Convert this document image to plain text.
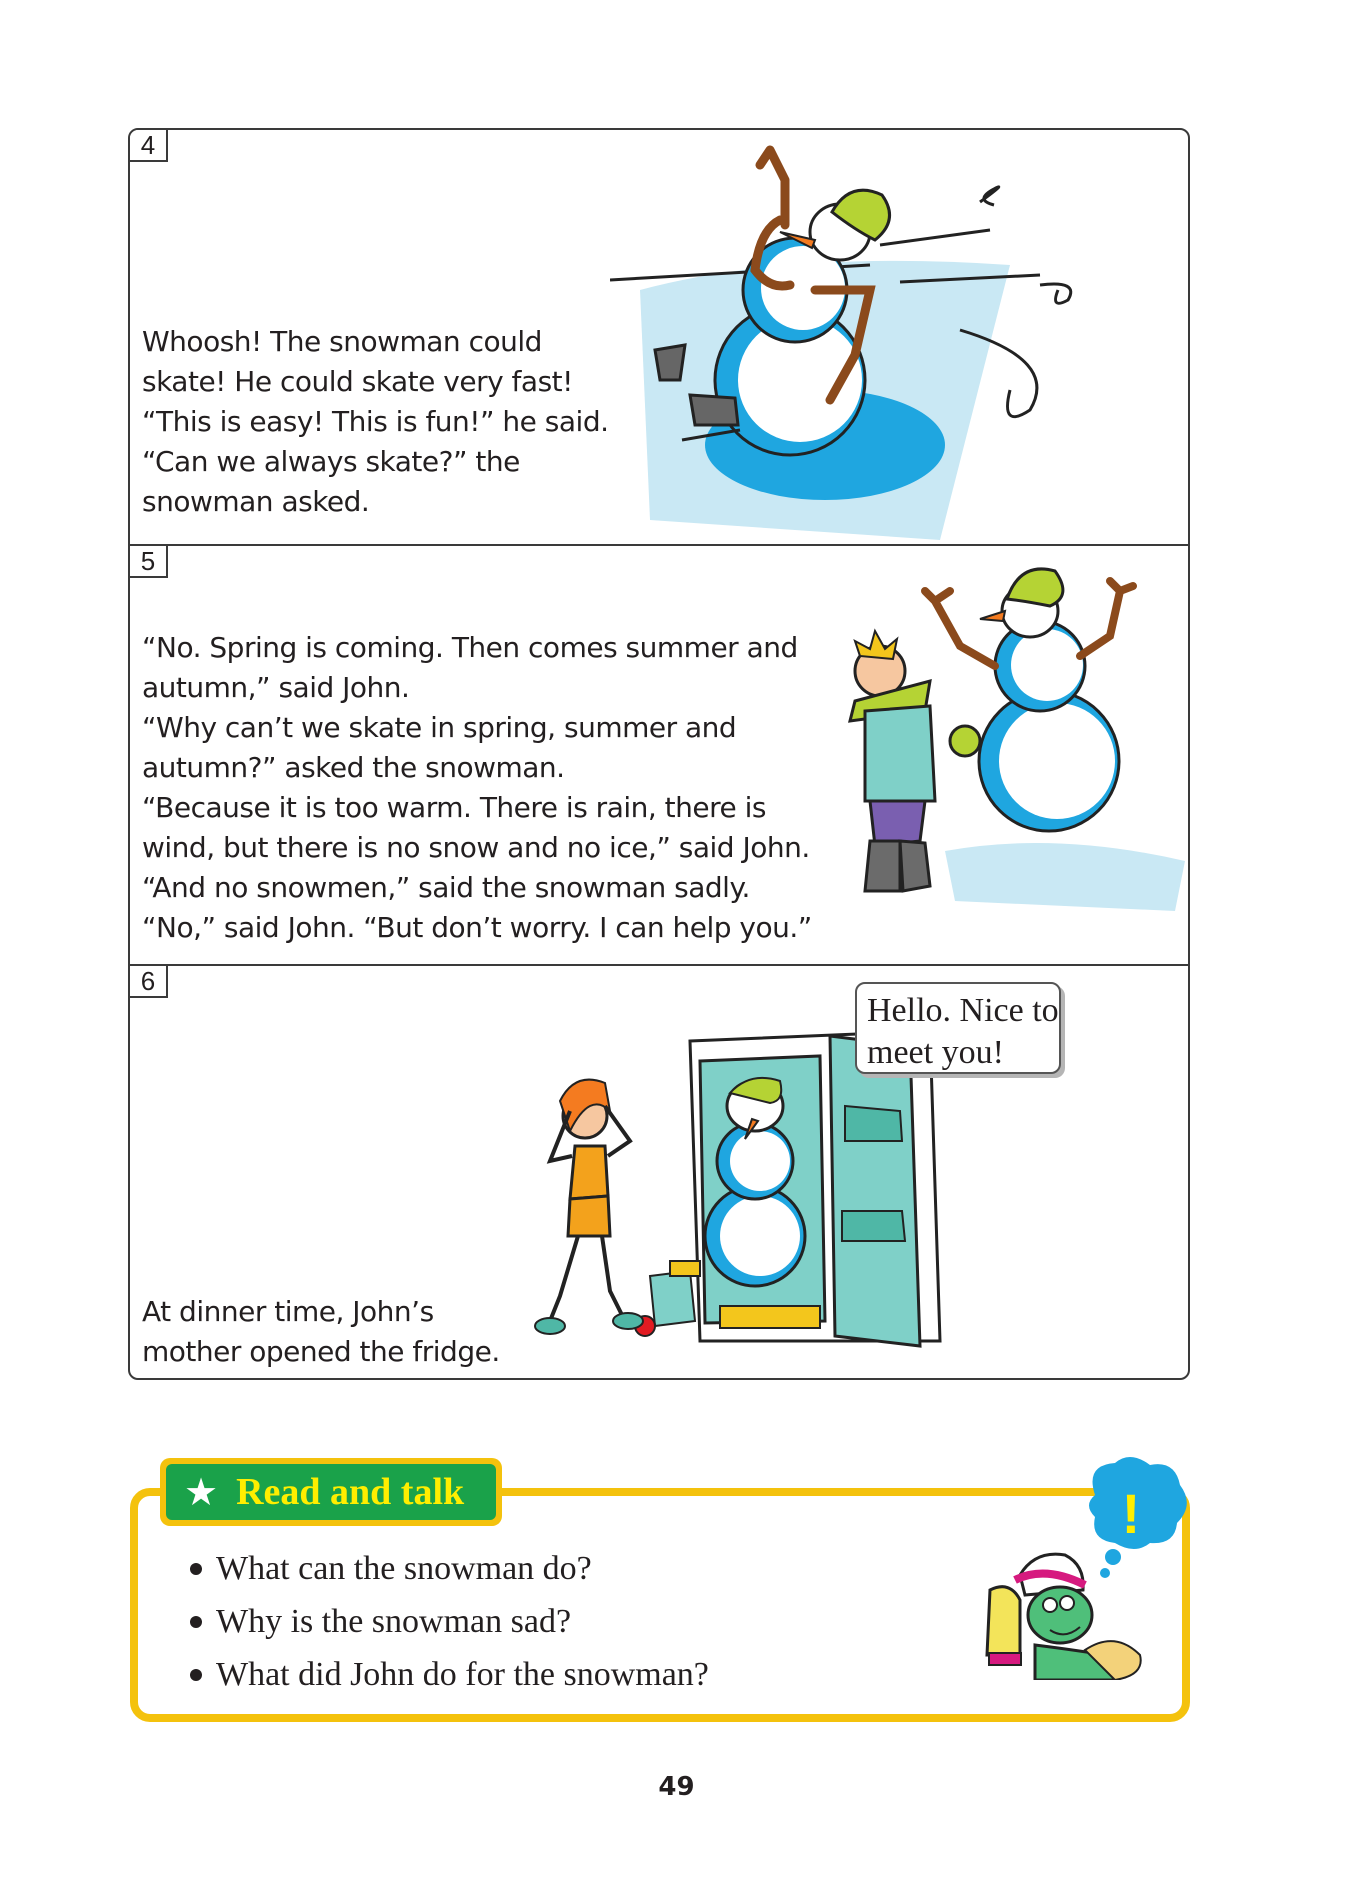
4
Whoosh! The snowman could
skate! He could skate very fast!
“This is easy! This is fun!” he said.
“Can we always skate?” the
snowman asked.
5
“No. Spring is coming. Then comes summer and
autumn,” said John.
“Why can’t we skate in spring, summer and
autumn?” asked the snowman.
“Because it is too warm. There is rain, there is
wind, but there is no snow and no ice,” said John.
“And no snowmen,” said the snowman sadly.
“No,” said John. “But don’t worry. I can help you.”
6
At dinner time, John’s
mother opened the fridge.
Hello. Nice to
meet you!
★ Read and talk
What can the snowman do?
Why is the snowman sad?
What did John do for the snowman?
!
49
